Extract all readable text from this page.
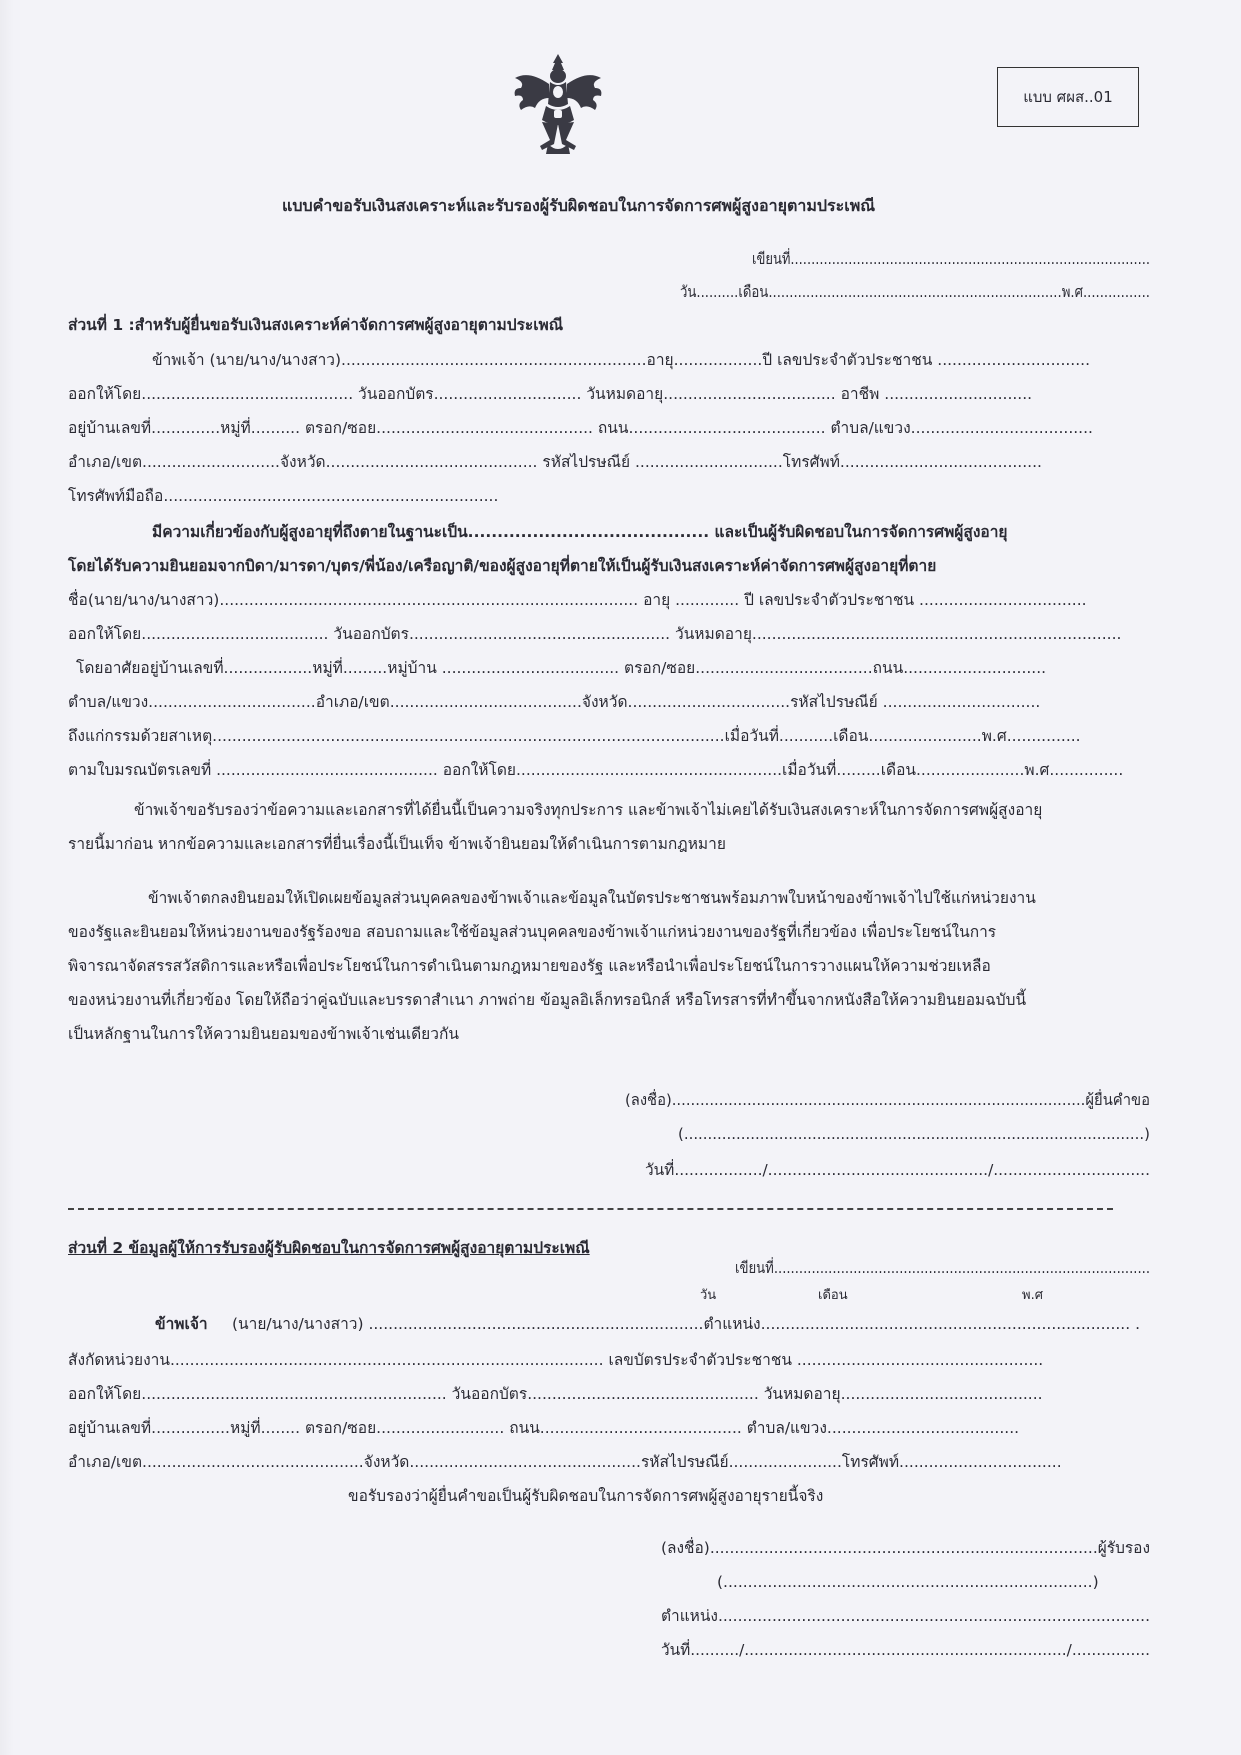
แบบ ศผส..01
แบบคำขอรับเงินสงเคราะห์และรับรองผู้รับผิดชอบในการจัดการศพผู้สูงอายุตามประเพณี
เขียนที่.......................................................................................
วัน..........เดือน......................................................................พ.ศ................
ส่วนที่ 1 :สำหรับผู้ยื่นขอรับเงินสงเคราะห์ค่าจัดการศพผู้สูงอายุตามประเพณี
ข้าพเจ้า (นาย/นาง/นางสาว)..............................................................อายุ..................ปี เลขประจำตัวประชาชน ...............................
ออกให้โดย........................................... วันออกบัตร.............................. วันหมดอายุ................................... อาชีพ ..............................
อยู่บ้านเลขที่..............หมู่ที่.......... ตรอก/ซอย............................................ ถนน........................................ ตำบล/แขวง.....................................
อำเภอ/เขต............................จังหวัด........................................... รหัสไปรษณีย์ ..............................โทรศัพท์.........................................
โทรศัพท์มือถือ....................................................................
มีความเกี่ยวข้องกับผู้สูงอายุที่ถึงตายในฐานะเป็น......................................... และเป็นผู้รับผิดชอบในการจัดการศพผู้สูงอายุ
โดยได้รับความยินยอมจากบิดา/มารดา/บุตร/พี่น้อง/เครือญาติ/ของผู้สูงอายุที่ตายให้เป็นผู้รับเงินสงเคราะห์ค่าจัดการศพผู้สูงอายุที่ตาย
ชื่อ(นาย/นาง/นางสาว)..................................................................................... อายุ ............. ปี เลขประจำตัวประชาชน ..................................
ออกให้โดย...................................... วันออกบัตร..................................................... วันหมดอายุ...........................................................................
โดยอาศัยอยู่บ้านเลขที่..................หมู่ที่.........หมู่บ้าน .................................... ตรอก/ซอย....................................ถนน.............................
ตำบล/แขวง..................................อำเภอ/เขต.......................................จังหวัด.................................รหัสไปรษณีย์ ................................
ถึงแก่กรรมด้วยสาเหตุ........................................................................................................เมื่อวันที่...........เดือน.......................พ.ศ...............
ตามใบมรณบัตรเลขที่ ............................................. ออกให้โดย......................................................เมื่อวันที่.........เดือน......................พ.ศ...............
ข้าพเจ้าขอรับรองว่าข้อความและเอกสารที่ได้ยื่นนี้เป็นความจริงทุกประการ และข้าพเจ้าไม่เคยได้รับเงินสงเคราะห์ในการจัดการศพผู้สูงอายุ
รายนี้มาก่อน หากข้อความและเอกสารที่ยื่นเรื่องนี้เป็นเท็จ ข้าพเจ้ายินยอมให้ดำเนินการตามกฎหมาย
ข้าพเจ้าตกลงยินยอมให้เปิดเผยข้อมูลส่วนบุคคลของข้าพเจ้าและข้อมูลในบัตรประชาชนพร้อมภาพใบหน้าของข้าพเจ้าไปใช้แก่หน่วยงาน
ของรัฐและยินยอมให้หน่วยงานของรัฐร้องขอ สอบถามและใช้ข้อมูลส่วนบุคคลของข้าพเจ้าแก่หน่วยงานของรัฐที่เกี่ยวข้อง เพื่อประโยชน์ในการ
พิจารณาจัดสรรสวัสดิการและหรือเพื่อประโยชน์ในการดำเนินตามกฎหมายของรัฐ และหรือนำเพื่อประโยชน์ในการวางแผนให้ความช่วยเหลือ
ของหน่วยงานที่เกี่ยวข้อง โดยให้ถือว่าคู่ฉบับและบรรดาสำเนา ภาพถ่าย ข้อมูลอิเล็กทรอนิกส์ หรือโทรสารที่ทำขึ้นจากหนังสือให้ความยินยอมฉบับนี้
เป็นหลักฐานในการให้ความยินยอมของข้าพเจ้าเช่นเดียวกัน
(ลงชื่อ)........................................................................................ผู้ยื่นคำขอ
(.................................................................................................)
วันที่................../............................................./................................
ส่วนที่ 2 ข้อมูลผู้ให้การรับรองผู้รับผิดชอบในการจัดการศพผู้สูงอายุตามประเพณี
เขียนที่..........................................................................................
วัน	เดือน	พ.ศ
ข้าพเจ้า (นาย/นาง/นางสาว) ....................................................................ตำแหน่ง........................................................................... .
สังกัดหน่วยงาน........................................................................................ เลขบัตรประจำตัวประชาชน ..................................................
ออกให้โดย.............................................................. วันออกบัตร............................................... วันหมดอายุ.........................................
อยู่บ้านเลขที่................หมู่ที่........ ตรอก/ซอย.......................... ถนน......................................... ตำบล/แขวง.......................................
อำเภอ/เขต.............................................จังหวัด...............................................รหัสไปรษณีย์.......................โทรศัพท์.................................
ขอรับรองว่าผู้ยื่นคำขอเป็นผู้รับผิดชอบในการจัดการศพผู้สูงอายุรายนี้จริง
(ลงชื่อ)...............................................................................ผู้รับรอง
(...........................................................................)
ตำแหน่ง........................................................................................
วันที่........../................................................................../................
